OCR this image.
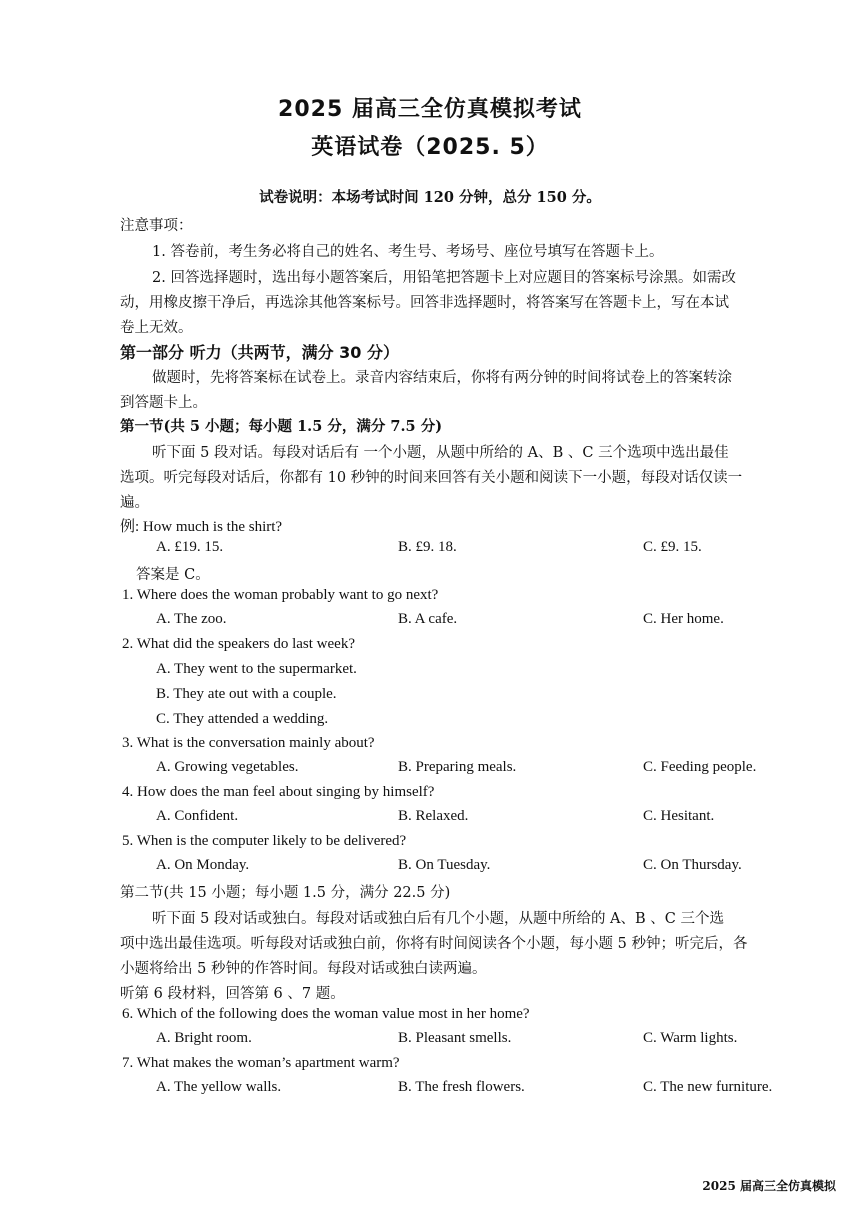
2025 届高三全仿真模拟考试
英语试卷（2025. 5）
试卷说明：本场考试时间 120 分钟，总分 150 分。
注意事项：
1. 答卷前，考生务必将自己的姓名、考生号、考场号、座位号填写在答题卡上。
2. 回答选择题时，选出每小题答案后，用铅笔把答题卡上对应题目的答案标号涂黑。如需改
动，用橡皮擦干净后，再选涂其他答案标号。回答非选择题时，将答案写在答题卡上，写在本试
卷上无效。
第一部分 听力（共两节，满分 30 分）
做题时，先将答案标在试卷上。录音内容结束后，你将有两分钟的时间将试卷上的答案转涂
到答题卡上。
第一节(共 5 小题；每小题 1.5 分，满分 7.5 分)
听下面 5 段对话。每段对话后有 一个小题，从题中所给的 A、B 、C 三个选项中选出最佳
选项。听完每段对话后，你都有 10 秒钟的时间来回答有关小题和阅读下一小题，每段对话仅读一
遍。
例: How much is the shirt?
A. £19. 15.	B. £9. 18.	C. £9. 15.
答案是 C。
1. Where does the woman probably want to go next?
A. The zoo.	B. A cafe.	C. Her home.
2. What did the speakers do last week?
A. They went to the supermarket.
B. They ate out with a couple.
C. They attended a wedding.
3. What is the conversation mainly about?
A. Growing vegetables.	B. Preparing meals.	C. Feeding people.
4. How does the man feel about singing by himself?
A. Confident.	B. Relaxed.	C. Hesitant.
5. When is the computer likely to be delivered?
A. On Monday.	B. On Tuesday.	C. On Thursday.
第二节(共 15 小题；每小题 1.5 分，满分 22.5 分)
听下面 5 段对话或独白。每段对话或独白后有几个小题，从题中所给的 A、B 、C 三个选
项中选出最佳选项。听每段对话或独白前，你将有时间阅读各个小题，每小题 5 秒钟；听完后，各
小题将给出 5 秒钟的作答时间。每段对话或独白读两遍。
听第 6 段材料，回答第 6 、7 题。
6. Which of the following does the woman value most in her home?
A. Bright room.	B. Pleasant smells.	C. Warm lights.
7. What makes the woman’s apartment warm?
A. The yellow walls.	B. The fresh flowers.	C. The new furniture.
2025 届高三全仿真模拟
